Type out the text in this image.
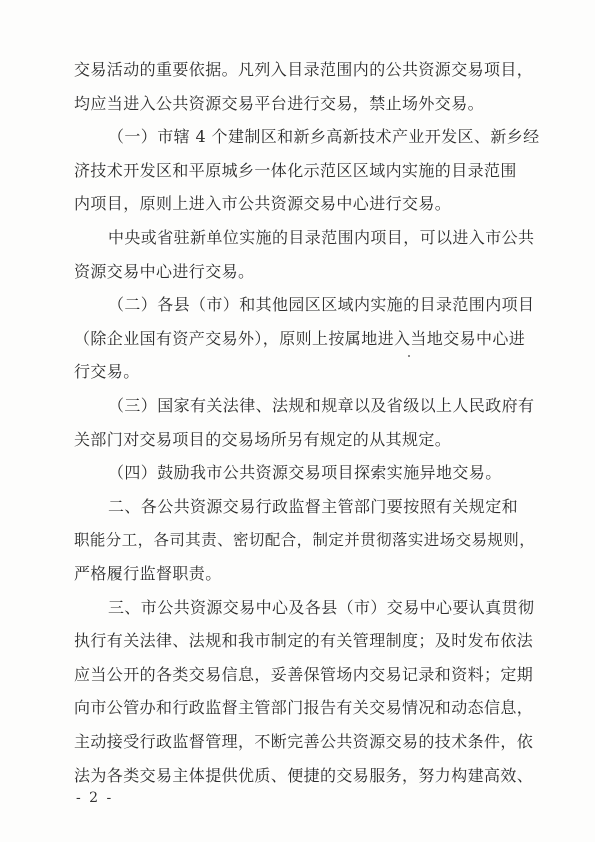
交易活动的重要依据。凡列入目录范围内的公共资源交易项目，
均应当进入公共资源交易平台进行交易，禁止场外交易。
（一）市辖 4 个建制区和新乡高新技术产业开发区、新乡经
济技术开发区和平原城乡一体化示范区区域内实施的目录范围
内项目，原则上进入市公共资源交易中心进行交易。
中央或省驻新单位实施的目录范围内项目，可以进入市公共
资源交易中心进行交易。
（二）各县（市）和其他园区区域内实施的目录范围内项目
（除企业国有资产交易外），原则上按属地进入当地交易中心进
行交易。
（三）国家有关法律、法规和规章以及省级以上人民政府有
关部门对交易项目的交易场所另有规定的从其规定。
（四）鼓励我市公共资源交易项目探索实施异地交易。
二、各公共资源交易行政监督主管部门要按照有关规定和
职能分工，各司其责、密切配合，制定并贯彻落实进场交易规则，
严格履行监督职责。
三、市公共资源交易中心及各县（市）交易中心要认真贯彻
执行有关法律、法规和我市制定的有关管理制度；及时发布依法
应当公开的各类交易信息，妥善保管场内交易记录和资料；定期
向市公管办和行政监督主管部门报告有关交易情况和动态信息，
主动接受行政监督管理，不断完善公共资源交易的技术条件，依
法为各类交易主体提供优质、便捷的交易服务，努力构建高效、
- 2 -
